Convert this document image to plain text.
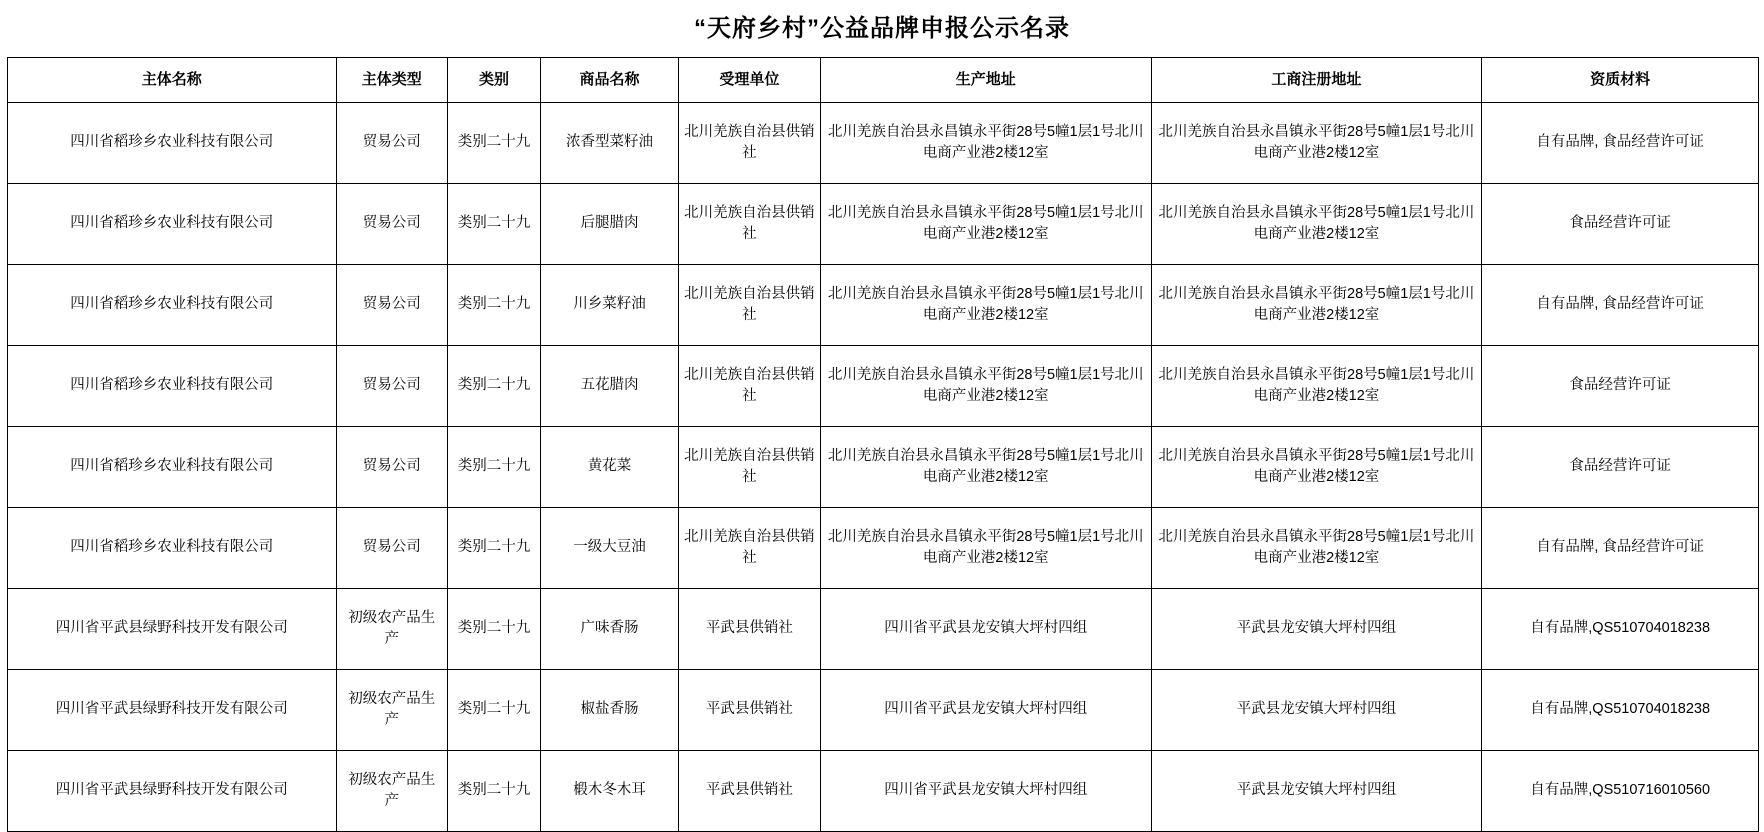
“天府乡村”公益品牌申报公示名录
主体名称	主体类型	类别	商品名称	受理单位	生产地址	工商注册地址	资质材料

四川省稻珍乡农业科技有限公司	贸易公司	类别二十九	浓香型菜籽油	北川羌族自治县供销社	北川羌族自治县永昌镇永平街28号5幢1层1号北川电商产业港2楼12室	北川羌族自治县永昌镇永平街28号5幢1层1号北川电商产业港2楼12室	自有品牌, 食品经营许可证

四川省稻珍乡农业科技有限公司	贸易公司	类别二十九	后腿腊肉	北川羌族自治县供销社	北川羌族自治县永昌镇永平街28号5幢1层1号北川电商产业港2楼12室	北川羌族自治县永昌镇永平街28号5幢1层1号北川电商产业港2楼12室	食品经营许可证

四川省稻珍乡农业科技有限公司	贸易公司	类别二十九	川乡菜籽油	北川羌族自治县供销社	北川羌族自治县永昌镇永平街28号5幢1层1号北川电商产业港2楼12室	北川羌族自治县永昌镇永平街28号5幢1层1号北川电商产业港2楼12室	自有品牌, 食品经营许可证

四川省稻珍乡农业科技有限公司	贸易公司	类别二十九	五花腊肉	北川羌族自治县供销社	北川羌族自治县永昌镇永平街28号5幢1层1号北川电商产业港2楼12室	北川羌族自治县永昌镇永平街28号5幢1层1号北川电商产业港2楼12室	食品经营许可证

四川省稻珍乡农业科技有限公司	贸易公司	类别二十九	黄花菜	北川羌族自治县供销社	北川羌族自治县永昌镇永平街28号5幢1层1号北川电商产业港2楼12室	北川羌族自治县永昌镇永平街28号5幢1层1号北川电商产业港2楼12室	食品经营许可证

四川省稻珍乡农业科技有限公司	贸易公司	类别二十九	一级大豆油	北川羌族自治县供销社	北川羌族自治县永昌镇永平街28号5幢1层1号北川电商产业港2楼12室	北川羌族自治县永昌镇永平街28号5幢1层1号北川电商产业港2楼12室	自有品牌, 食品经营许可证

四川省平武县绿野科技开发有限公司	初级农产品生产	类别二十九	广味香肠	平武县供销社	四川省平武县龙安镇大坪村四组	平武县龙安镇大坪村四组	自有品牌,QS510704018238

四川省平武县绿野科技开发有限公司	初级农产品生产	类别二十九	椒盐香肠	平武县供销社	四川省平武县龙安镇大坪村四组	平武县龙安镇大坪村四组	自有品牌,QS510704018238

四川省平武县绿野科技开发有限公司	初级农产品生产	类别二十九	椴木冬木耳	平武县供销社	四川省平武县龙安镇大坪村四组	平武县龙安镇大坪村四组	自有品牌,QS510716010560
